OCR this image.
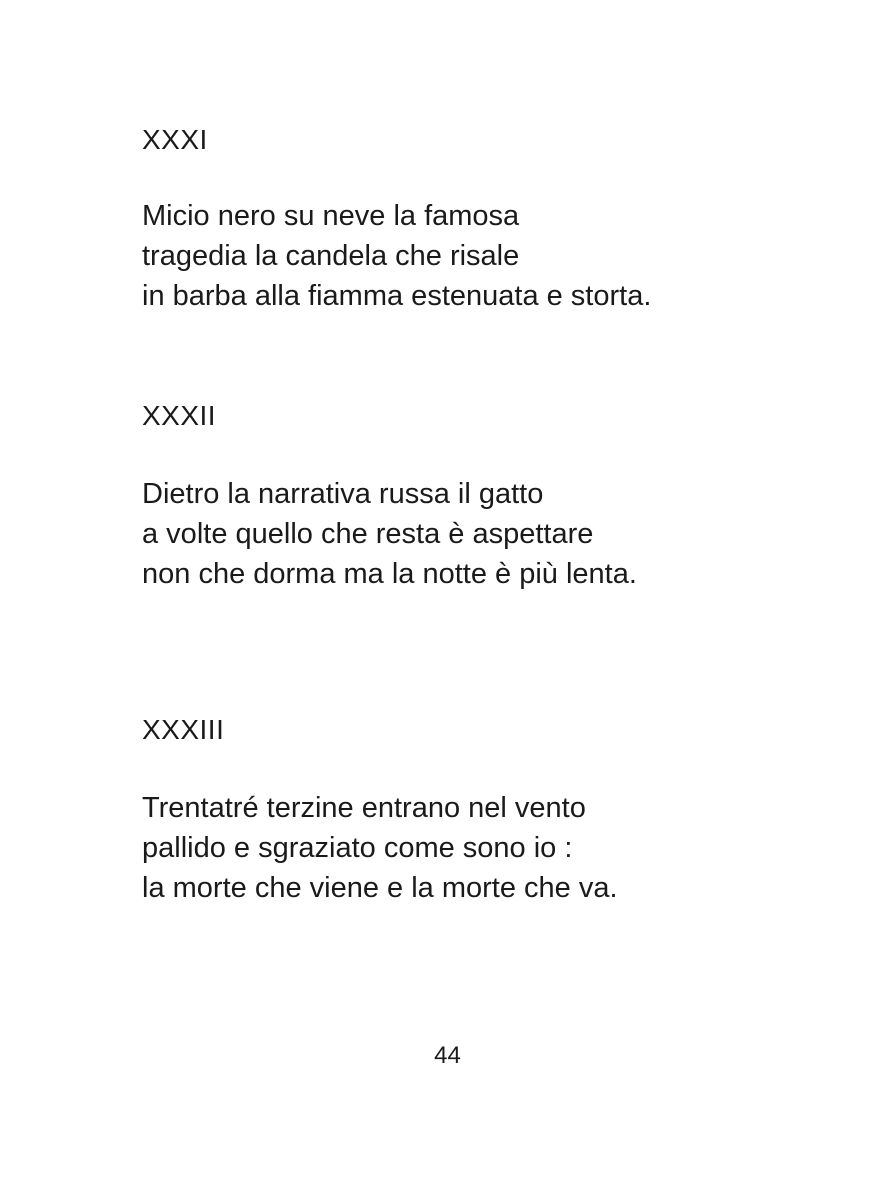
XXXI

Micio nero su neve la famosa
tragedia la candela che risale
in barba alla fiamma estenuata e storta.

XXXII

Dietro la narrativa russa il gatto
a volte quello che resta è aspettare
non che dorma ma la notte è più lenta.

XXXIII

Trentatré terzine entrano nel vento
pallido e sgraziato come sono io :
la morte che viene e la morte che va.

44
